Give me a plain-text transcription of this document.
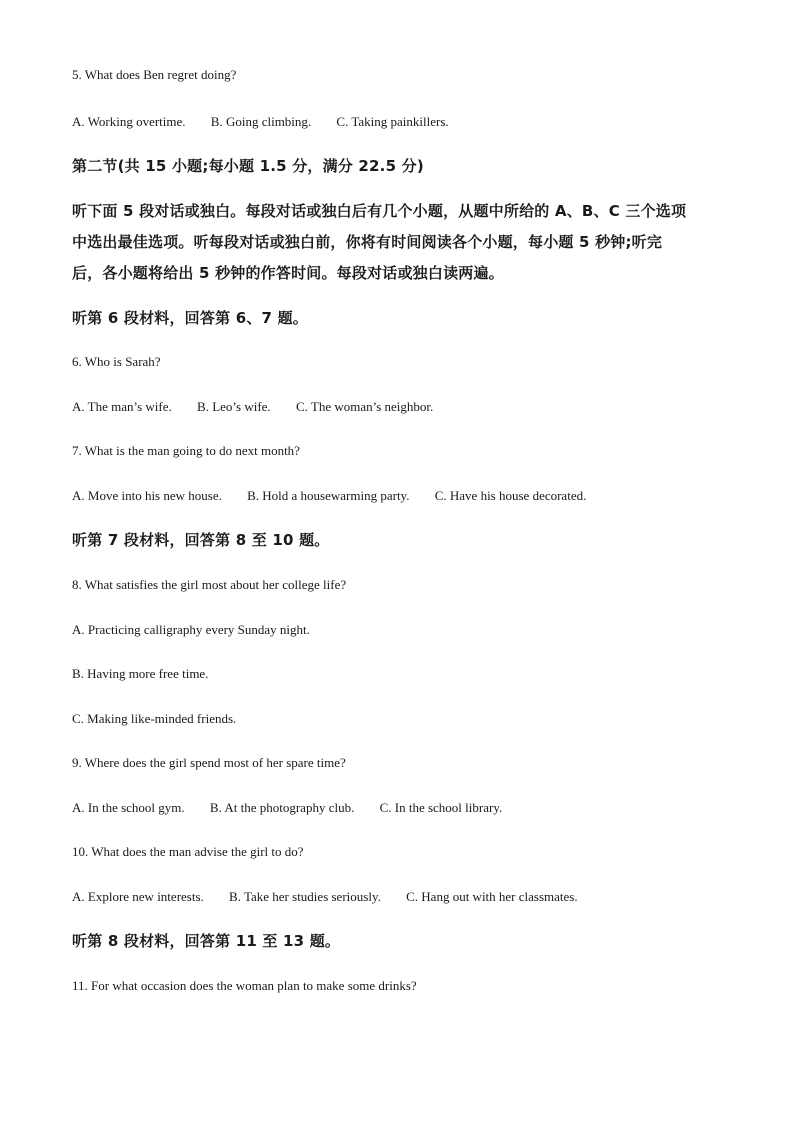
5. What does Ben regret doing?
A. Working overtime. B. Going climbing. C. Taking painkillers.
第二节(共 15 小题;每小题 1.5 分，满分 22.5 分)
听下面 5 段对话或独白。每段对话或独白后有几个小题，从题中所给的 A、B、C 三个选项
中选出最佳选项。听每段对话或独白前，你将有时间阅读各个小题，每小题 5 秒钟;听完
后，各小题将给出 5 秒钟的作答时间。每段对话或独白读两遍。
听第 6 段材料，回答第 6、7 题。
6. Who is Sarah?
A. The man’s wife. B. Leo’s wife. C. The woman’s neighbor.
7. What is the man going to do next month?
A. Move into his new house. B. Hold a housewarming party. C. Have his house decorated.
听第 7 段材料，回答第 8 至 10 题。
8. What satisfies the girl most about her college life?
A. Practicing calligraphy every Sunday night.
B. Having more free time.
C. Making like-minded friends.
9. Where does the girl spend most of her spare time?
A. In the school gym. B. At the photography club. C. In the school library.
10. What does the man advise the girl to do?
A. Explore new interests. B. Take her studies seriously. C. Hang out with her classmates.
听第 8 段材料，回答第 11 至 13 题。
11. For what occasion does the woman plan to make some drinks?
